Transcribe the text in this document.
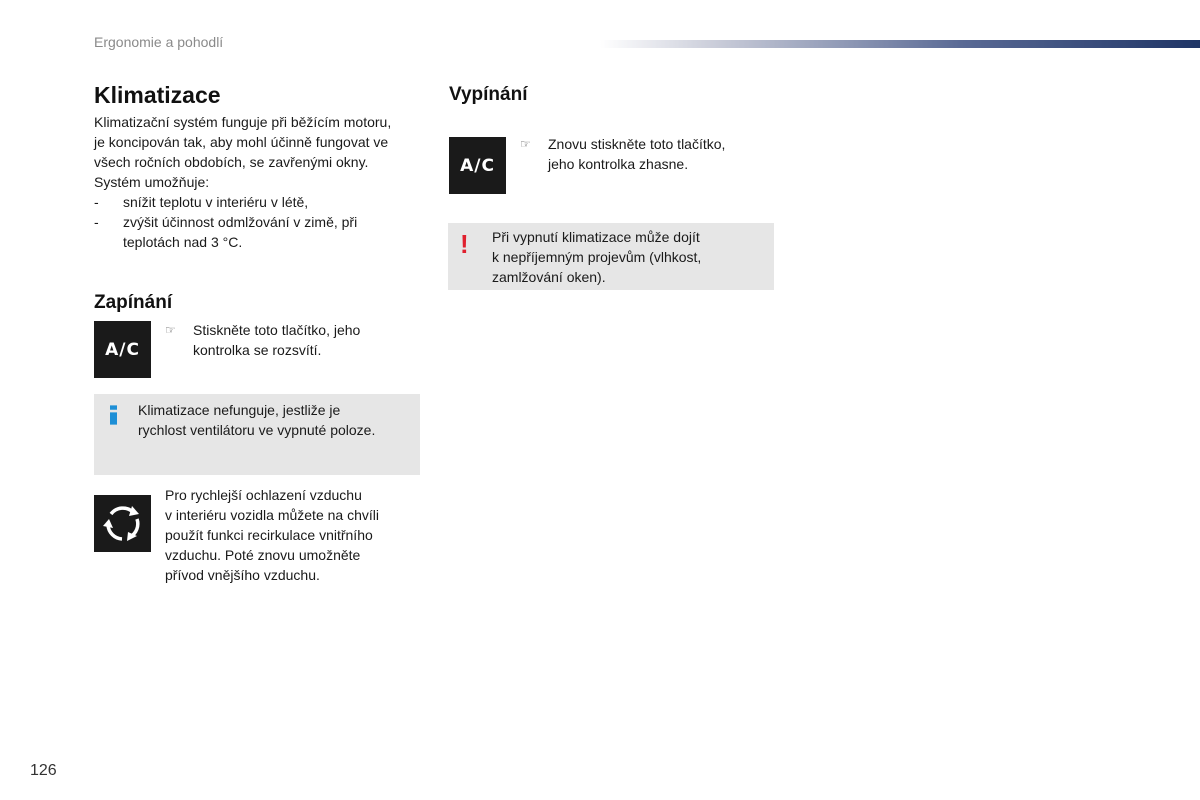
Ergonomie a pohodlí
Klimatizace

Klimatizační systém funguje při běžícím motoru,

je koncipován tak, aby mohl účinně fungovat ve

všech ročních obdobích, se zavřenými okny.

Systém umožňuje:

- snížit teplotu v interiéru v létě,
- zvýšit účinnost odmlžování v zimě, při

teplotách nad 3 °C.

Zapínání
A/C
☞ Stiskněte toto tlačítko, jeho
kontrolka se rozsvítí.
Klimatizace nefunguje, jestliže je
rychlost ventilátoru ve vypnuté poloze.
Pro rychlejší ochlazení vzduchu
v interiéru vozidla můžete na chvíli
použít funkci recirkulace vnitřního
vzduchu. Poté znovu umožněte
přívod vnějšího vzduchu.
Vypínání
A/C
☞ Znovu stiskněte toto tlačítko,
jeho kontrolka zhasne.
! Při vypnutí klimatizace může dojít
k nepříjemným projevům (vlhkost,
zamlžování oken).
126
